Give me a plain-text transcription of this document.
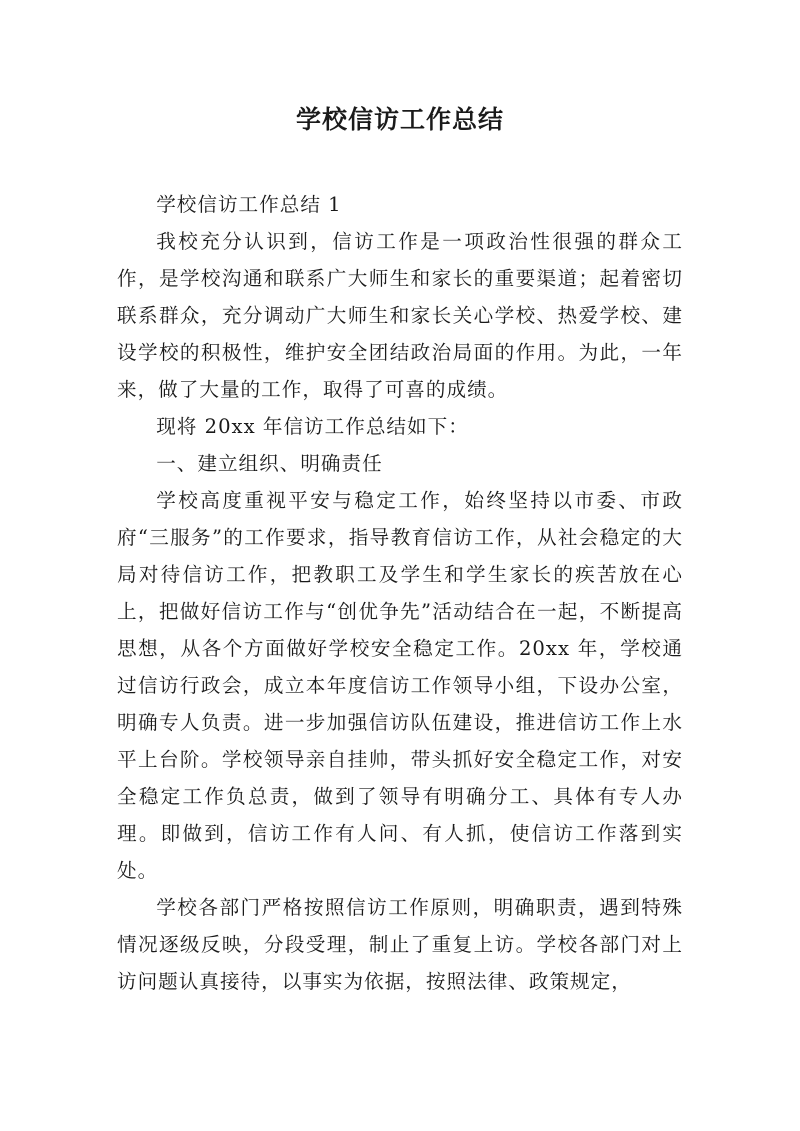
学校信访工作总结

学校信访工作总结 1

我校充分认识到，信访工作是一项政治性很强的群众工作，是学校沟通和联系广大师生和家长的重要渠道；起着密切联系群众，充分调动广大师生和家长关心学校、热爱学校、建设学校的积极性，维护安全团结政治局面的作用。为此，一年来，做了大量的工作，取得了可喜的成绩。

现将 20xx 年信访工作总结如下：

一、建立组织、明确责任

学校高度重视平安与稳定工作，始终坚持以市委、市政府“三服务”的工作要求，指导教育信访工作，从社会稳定的大局对待信访工作，把教职工及学生和学生家长的疾苦放在心上，把做好信访工作与“创优争先”活动结合在一起，不断提高思想，从各个方面做好学校安全稳定工作。20xx 年，学校通过信访行政会，成立本年度信访工作领导小组，下设办公室，明确专人负责。进一步加强信访队伍建设，推进信访工作上水平上台阶。学校领导亲自挂帅，带头抓好安全稳定工作，对安全稳定工作负总责，做到了领导有明确分工、具体有专人办理。即做到，信访工作有人问、有人抓，使信访工作落到实处。

学校各部门严格按照信访工作原则，明确职责，遇到特殊情况逐级反映，分段受理，制止了重复上访。学校各部门对上访问题认真接待，以事实为依据，按照法律、政策规定，
